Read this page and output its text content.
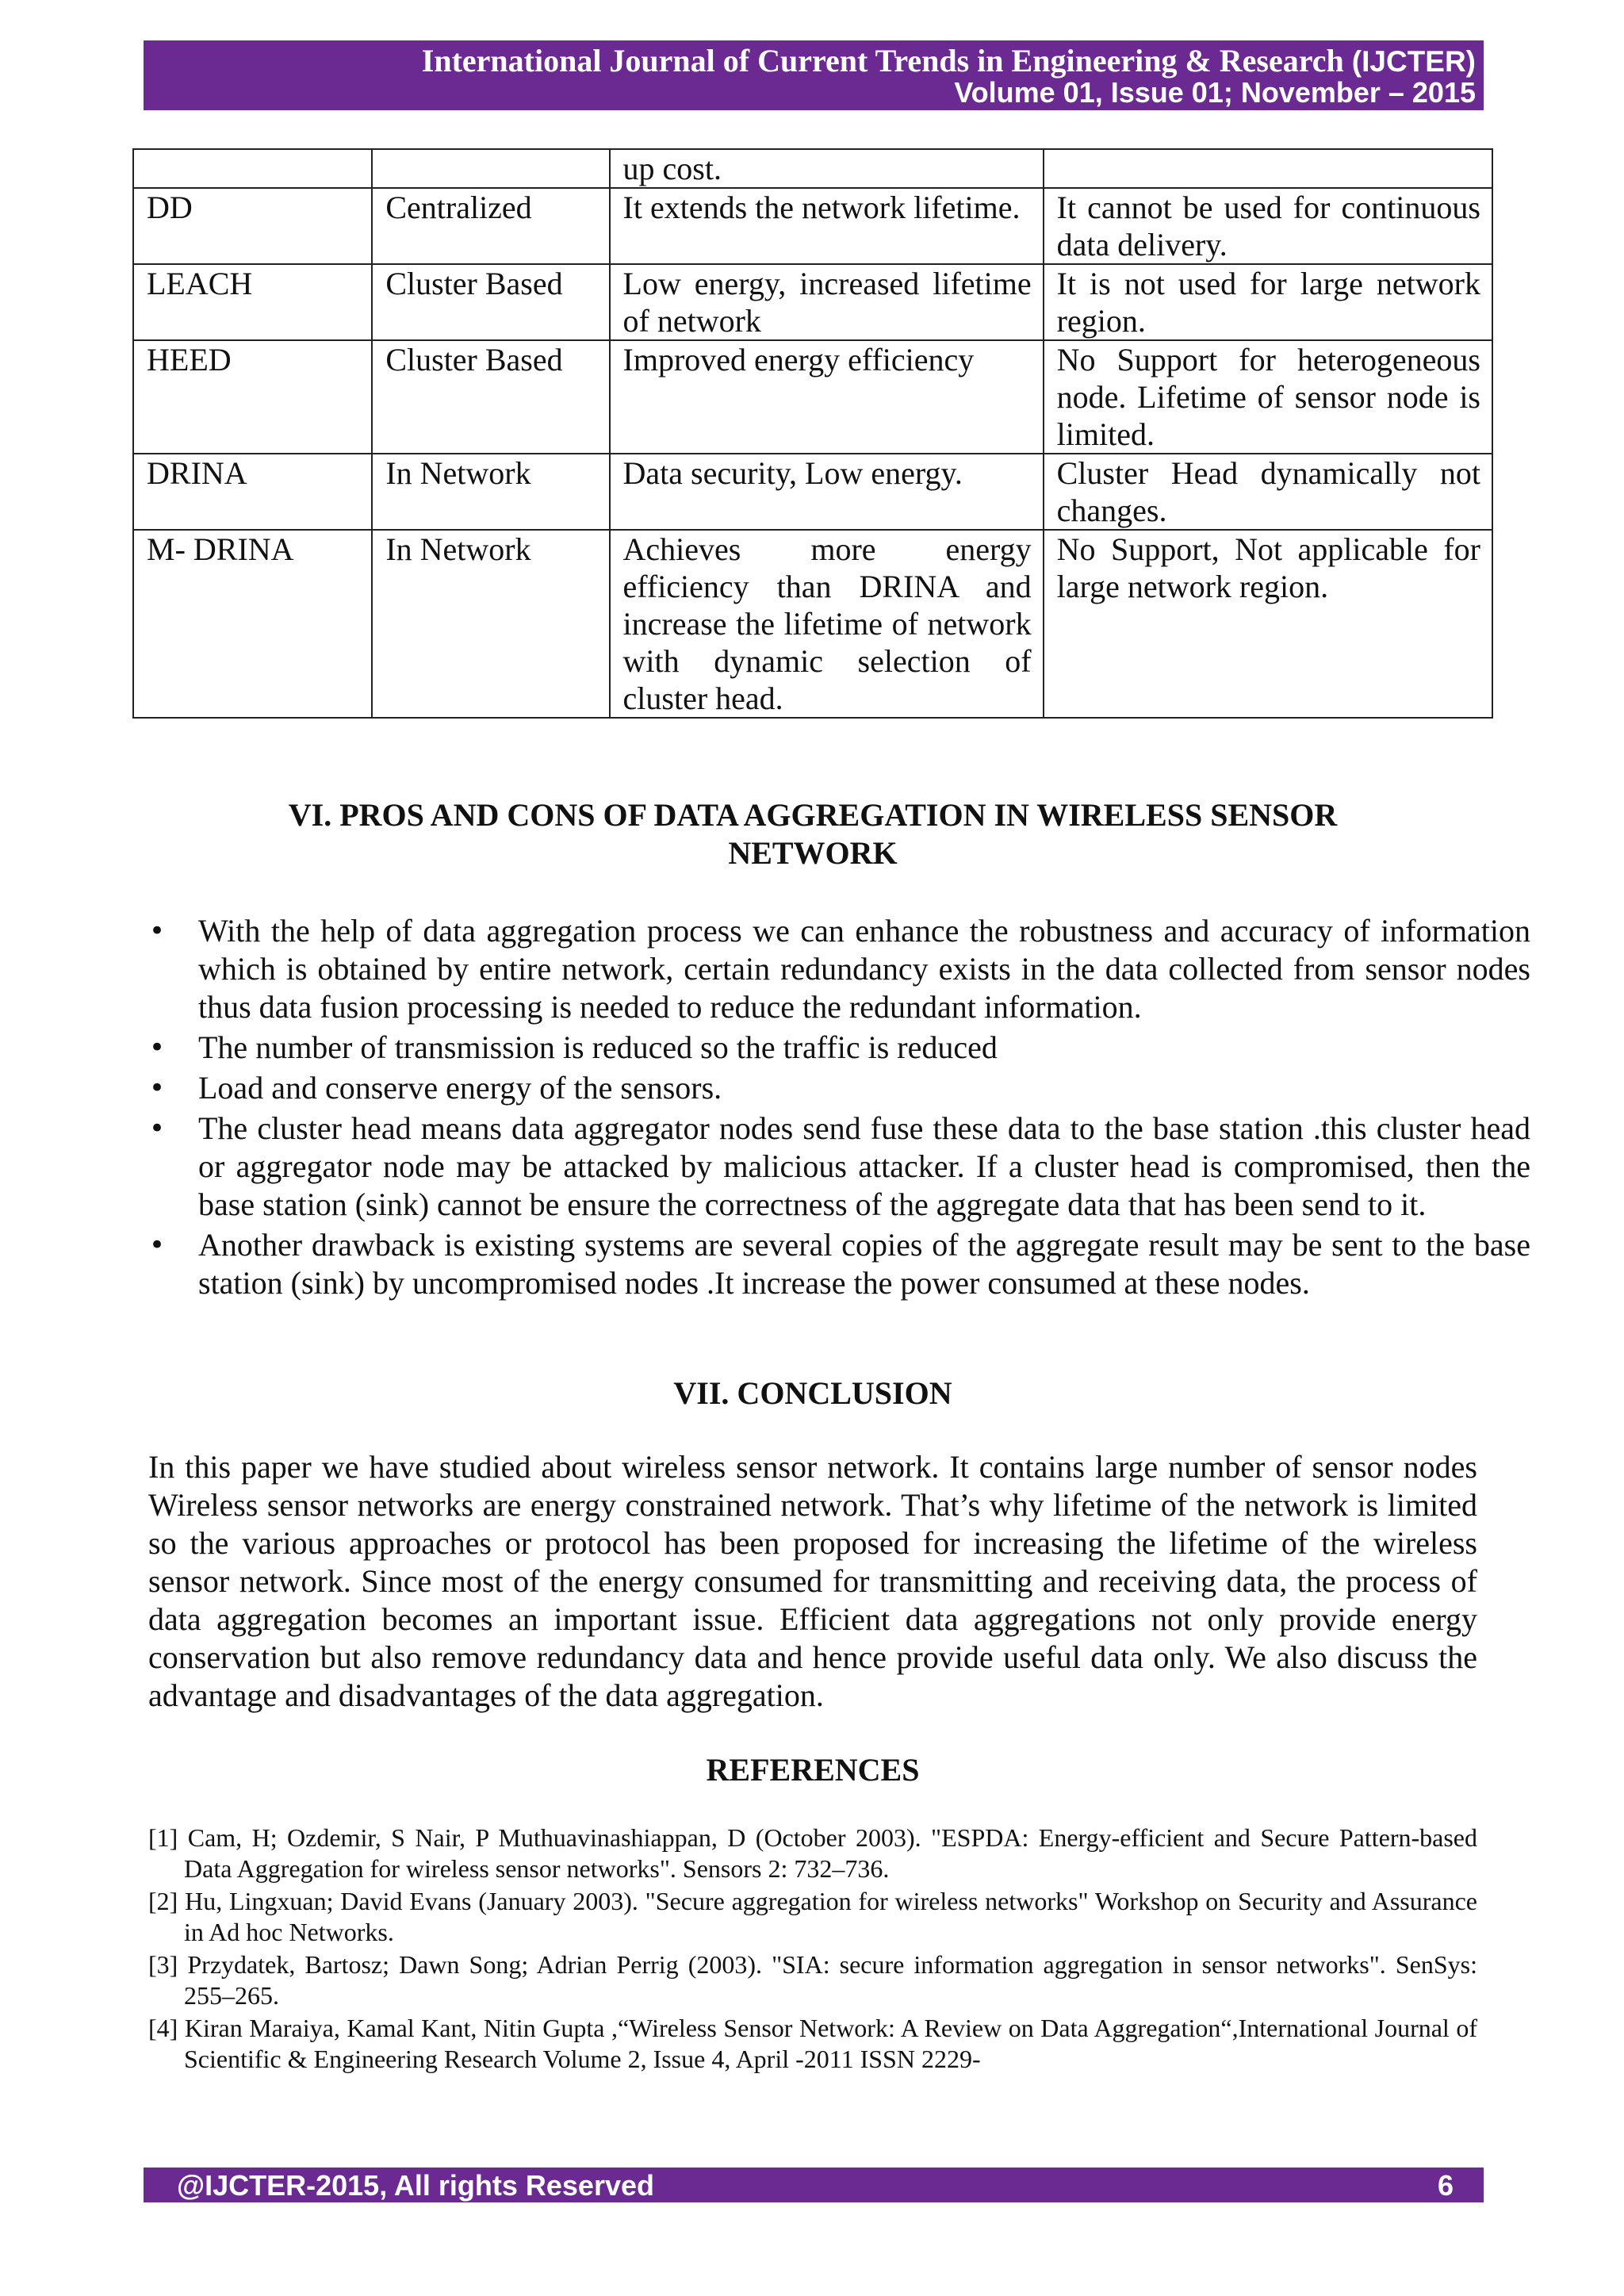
International Journal of Current Trends in Engineering & Research (IJCTER)
Volume 01, Issue 01; November – 2015
		up cost.	
DD	Centralized	It extends the network lifetime.	It cannot be used for continuous data delivery.
LEACH	Cluster Based	Low energy, increased lifetime of network	It is not used for large network region.
HEED	Cluster Based	Improved energy efficiency	No Support for heterogeneous node. Lifetime of sensor node is limited.
DRINA	In Network	Data security, Low energy.	Cluster Head dynamically not changes.
M- DRINA	In Network	Achieves more energy efficiency than DRINA and increase the lifetime of network with dynamic selection of cluster head.	No Support, Not applicable for large network region.
VI. PROS AND CONS OF DATA AGGREGATION IN WIRELESS SENSOR
NETWORK
• With the help of data aggregation process we can enhance the robustness and accuracy of information which is obtained by entire network, certain redundancy exists in the data collected from sensor nodes thus data fusion processing is needed to reduce the redundant information.
• The number of transmission is reduced so the traffic is reduced
• Load and conserve energy of the sensors.
• The cluster head means data aggregator nodes send fuse these data to the base station .this cluster head or aggregator node may be attacked by malicious attacker. If a cluster head is compromised, then the base station (sink) cannot be ensure the correctness of the aggregate data that has been send to it.
• Another drawback is existing systems are several copies of the aggregate result may be sent to the base station (sink) by uncompromised nodes .It increase the power consumed at these nodes.
VII. CONCLUSION

In this paper we have studied about wireless sensor network. It contains large number of sensor nodes Wireless sensor networks are energy constrained network. That’s why lifetime of the network is limited so the various approaches or protocol has been proposed for increasing the lifetime of the wireless sensor network. Since most of the energy consumed for transmitting and receiving data, the process of data aggregation becomes an important issue. Efficient data aggregations not only provide energy conservation but also remove redundancy data and hence provide useful data only. We also discuss the advantage and disadvantages of the data aggregation.

REFERENCES
[1] Cam, H; Ozdemir, S Nair, P Muthuavinashiappan, D (October 2003). "ESPDA: Energy-efficient and Secure Pattern-based Data Aggregation for wireless sensor networks". Sensors 2: 732–736.
[2] Hu, Lingxuan; David Evans (January 2003). "Secure aggregation for wireless networks" Workshop on Security and Assurance in Ad hoc Networks.
[3] Przydatek, Bartosz; Dawn Song; Adrian Perrig (2003). "SIA: secure information aggregation in sensor networks". SenSys: 255–265.
[4] Kiran Maraiya, Kamal Kant, Nitin Gupta ,“Wireless Sensor Network: A Review on Data Aggregation“,International Journal of Scientific & Engineering Research Volume 2, Issue 4, April -2011 ISSN 2229-
@IJCTER-2015, All rights Reserved	6
